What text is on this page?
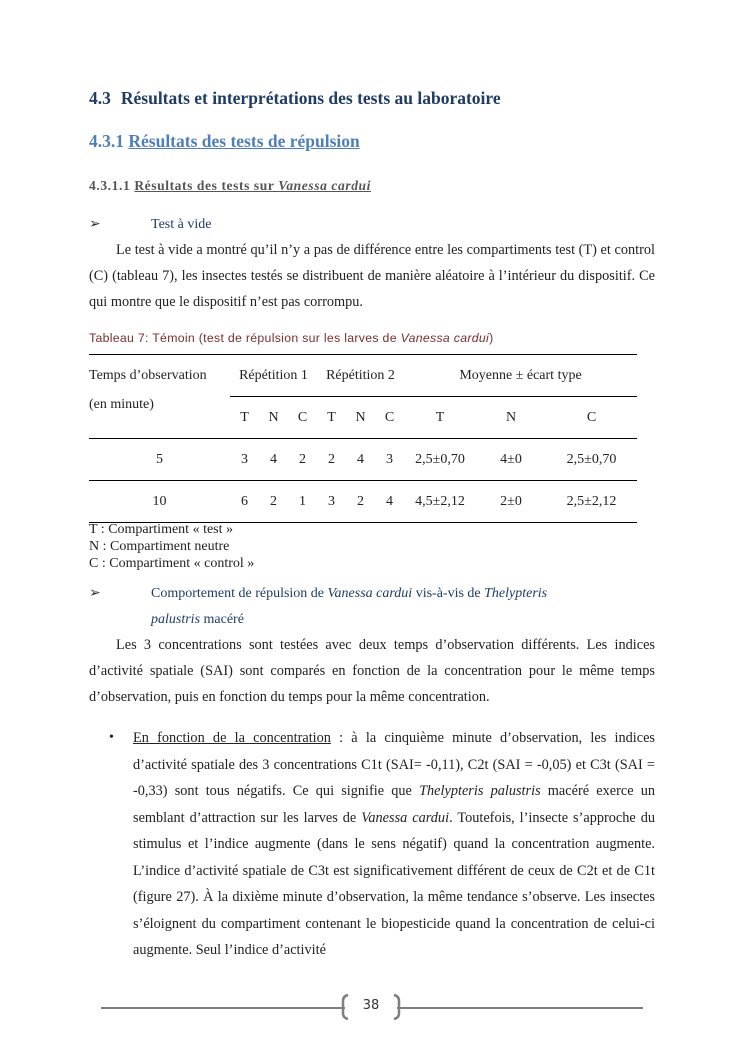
4.3 Résultats et interprétations des tests au laboratoire
4.3.1 Résultats des tests de répulsion
4.3.1.1 Résultats des tests sur Vanessa cardui
➢	Test à vide
Le test à vide a montré qu’il n’y a pas de différence entre les compartiments test (T) et control (C) (tableau 7), les insectes testés se distribuent de manière aléatoire à l’intérieur du dispositif. Ce qui montre que le dispositif n’est pas corrompu.
Tableau 7: Témoin (test de répulsion sur les larves de Vanessa cardui)
Temps d’observation	Répétition 1			Répétition 2			Moyenne ± écart type		
(en minute)	T	N	C	T	N	C	T	N	C
5	3	4	2	2	4	3	2,5±0,70	4±0	2,5±0,70
10	6	2	1	3	2	4	4,5±2,12	2±0	2,5±2,12
T : Compartiment « test »
N : Compartiment neutre
C : Compartiment « control »
➢	Comportement de répulsion de Vanessa cardui vis-à-vis de Thelypteris
palustris macéré
Les 3 concentrations sont testées avec deux temps d’observation différents. Les indices d’activité spatiale (SAI) sont comparés en fonction de la concentration pour le même temps d’observation, puis en fonction du temps pour la même concentration.
• En fonction de la concentration : à la cinquième minute d’observation, les indices d’activité spatiale des 3 concentrations C1t (SAI= -0,11), C2t (SAI = -0,05) et C3t (SAI = -0,33) sont tous négatifs. Ce qui signifie que Thelypteris palustris macéré exerce un semblant d’attraction sur les larves de Vanessa cardui. Toutefois, l’insecte s’approche du stimulus et l’indice augmente (dans le sens négatif) quand la concentration augmente. L’indice d’activité spatiale de C3t est significativement différent de ceux de C2t et de C1t (figure 27). À la dixième minute d’observation, la même tendance s’observe. Les insectes s’éloignent du compartiment contenant le biopesticide quand la concentration de celui-ci augmente. Seul l’indice d’activité
38
